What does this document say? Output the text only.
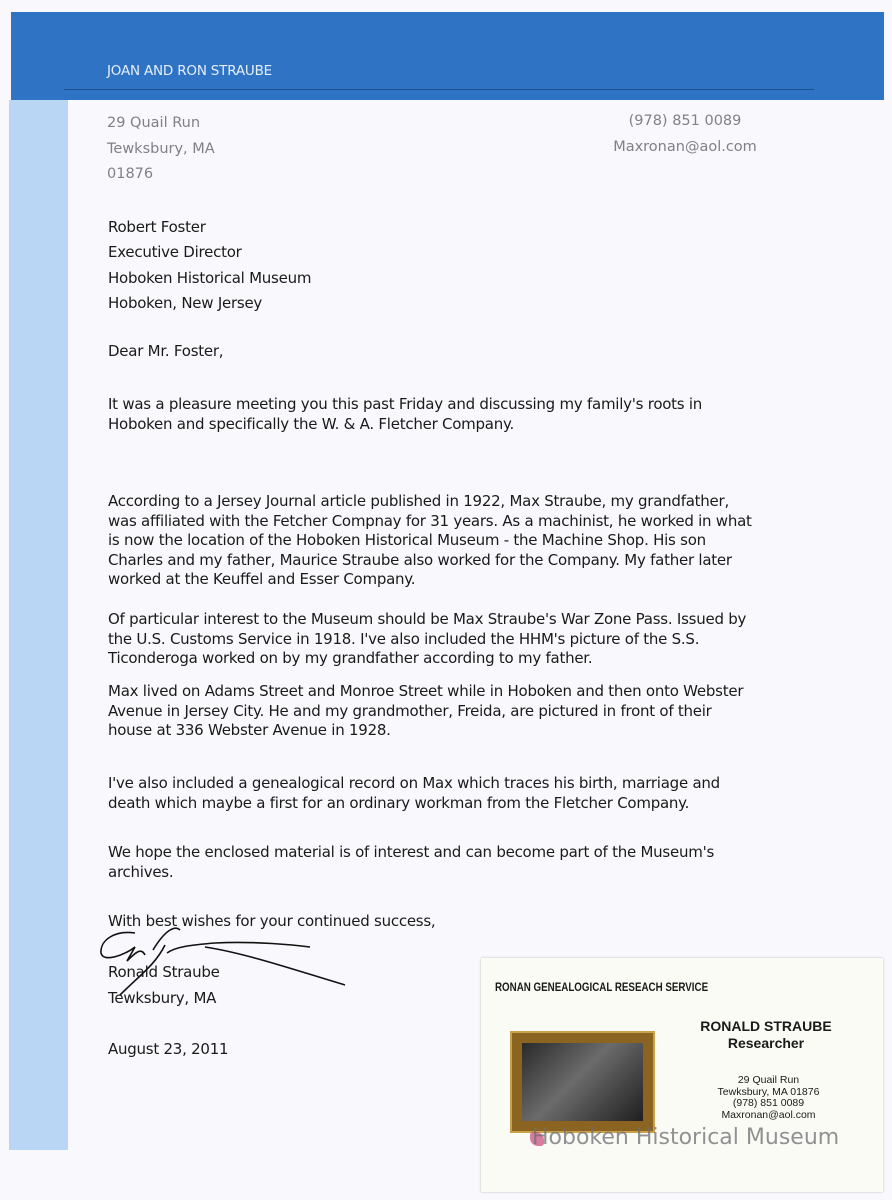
JOAN AND RON STRAUBE
29 Quail Run
Tewksbury, MA
01876
(978) 851 0089
Maxronan@aol.com
Robert Foster
Executive Director
Hoboken Historical Museum
Hoboken, New Jersey
Dear Mr. Foster,
It was a pleasure meeting you this past Friday and discussing my family's roots in
Hoboken and specifically the W. & A. Fletcher Company.
According to a Jersey Journal article published in 1922, Max Straube, my grandfather,
was affiliated with the Fetcher Compnay for 31 years. As a machinist, he worked in what
is now the location of the Hoboken Historical Museum - the Machine Shop. His son
Charles and my father, Maurice Straube also worked for the Company. My father later
worked at the Keuffel and Esser Company.
Of particular interest to the Museum should be Max Straube's War Zone Pass. Issued by
the U.S. Customs Service in 1918. I've also included the HHM's picture of the S.S.
Ticonderoga worked on by my grandfather according to my father.
Max lived on Adams Street and Monroe Street while in Hoboken and then onto Webster
Avenue in Jersey City. He and my grandmother, Freida, are pictured in front of their
house at 336 Webster Avenue in 1928.
I've also included a genealogical record on Max which traces his birth, marriage and
death which maybe a first for an ordinary workman from the Fletcher Company.
We hope the enclosed material is of interest and can become part of the Museum's
archives.
With best wishes for your continued success,
Ronald Straube
Tewksbury, MA
August 23, 2011
RONAN GENEALOGICAL RESEACH SERVICE
RONALD STRAUBE
Researcher
29 Quail Run
Tewksbury, MA 01876
(978) 851 0089
Maxronan@aol.com
Hoboken Historical Museum
